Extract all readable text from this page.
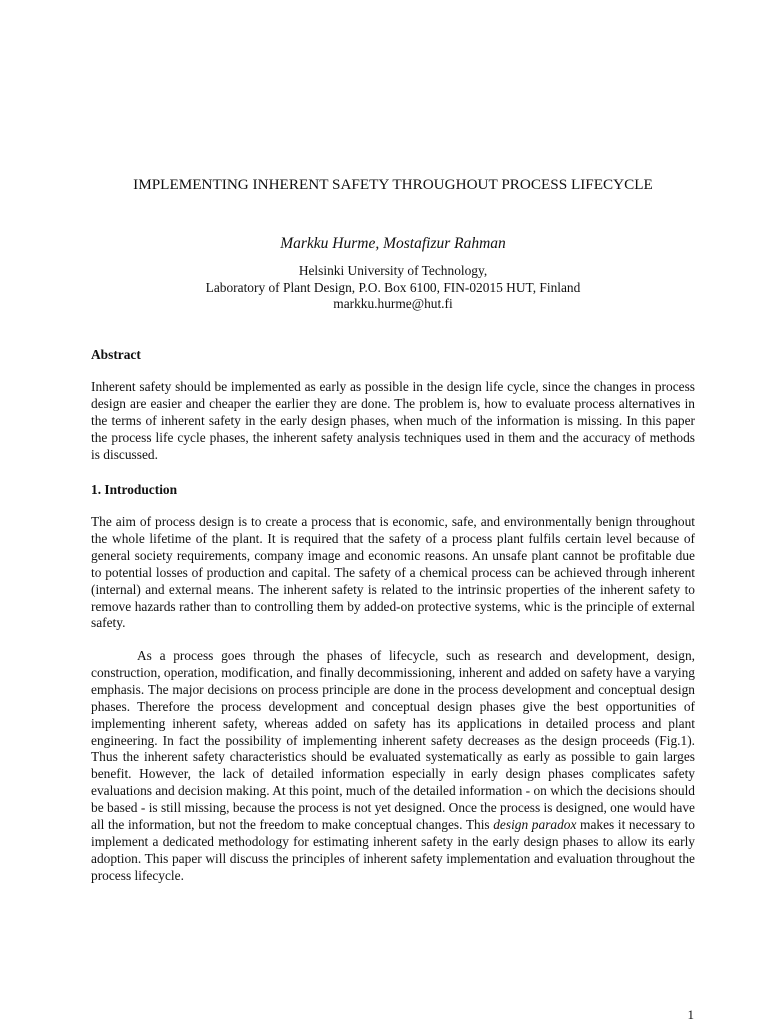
IMPLEMENTING INHERENT SAFETY THROUGHOUT PROCESS LIFECYCLE
Markku Hurme, Mostafizur Rahman
Helsinki University of Technology,
Laboratory of Plant Design, P.O. Box 6100, FIN-02015 HUT, Finland
markku.hurme@hut.fi
Abstract

Inherent safety should be implemented as early as possible in the design life cycle, since the changes in process design are easier and cheaper the earlier they are done. The problem is, how to evaluate process alternatives in the terms of inherent safety in the early design phases, when much of the information is missing. In this paper the process life cycle phases, the inherent safety analysis techniques used in them and the accuracy of methods is discussed.

1. Introduction

The aim of process design is to create a process that is economic, safe, and environmentally benign throughout the whole lifetime of the plant. It is required that the safety of a process plant fulfils certain level because of general society requirements, company image and economic reasons. An unsafe plant cannot be profitable due to potential losses of production and capital. The safety of a chemical process can be achieved through inherent (internal) and external means. The inherent safety is related to the intrinsic properties of the inherent safety to remove hazards rather than to controlling them by added-on protective systems, whic is the principle of external safety.

As a process goes through the phases of lifecycle, such as research and development, design, construction, operation, modification, and finally decommissioning, inherent and added on safety have a varying emphasis. The major decisions on process principle are done in the process development and conceptual design phases. Therefore the process development and conceptual design phases give the best opportunities of implementing inherent safety, whereas added on safety has its applications in detailed process and plant engineering. In fact the possibility of implementing inherent safety decreases as the design proceeds (Fig.1). Thus the inherent safety characteristics should be evaluated systematically as early as possible to gain larges benefit. However, the lack of detailed information especially in early design phases complicates safety evaluations and decision making. At this point, much of the detailed information - on which the decisions should be based - is still missing, because the process is not yet designed. Once the process is designed, one would have all the information, but not the freedom to make conceptual changes. This design paradox makes it necessary to implement a dedicated methodology for estimating inherent safety in the early design phases to allow its early adoption. This paper will discuss the principles of inherent safety implementation and evaluation throughout the process lifecycle.

1
